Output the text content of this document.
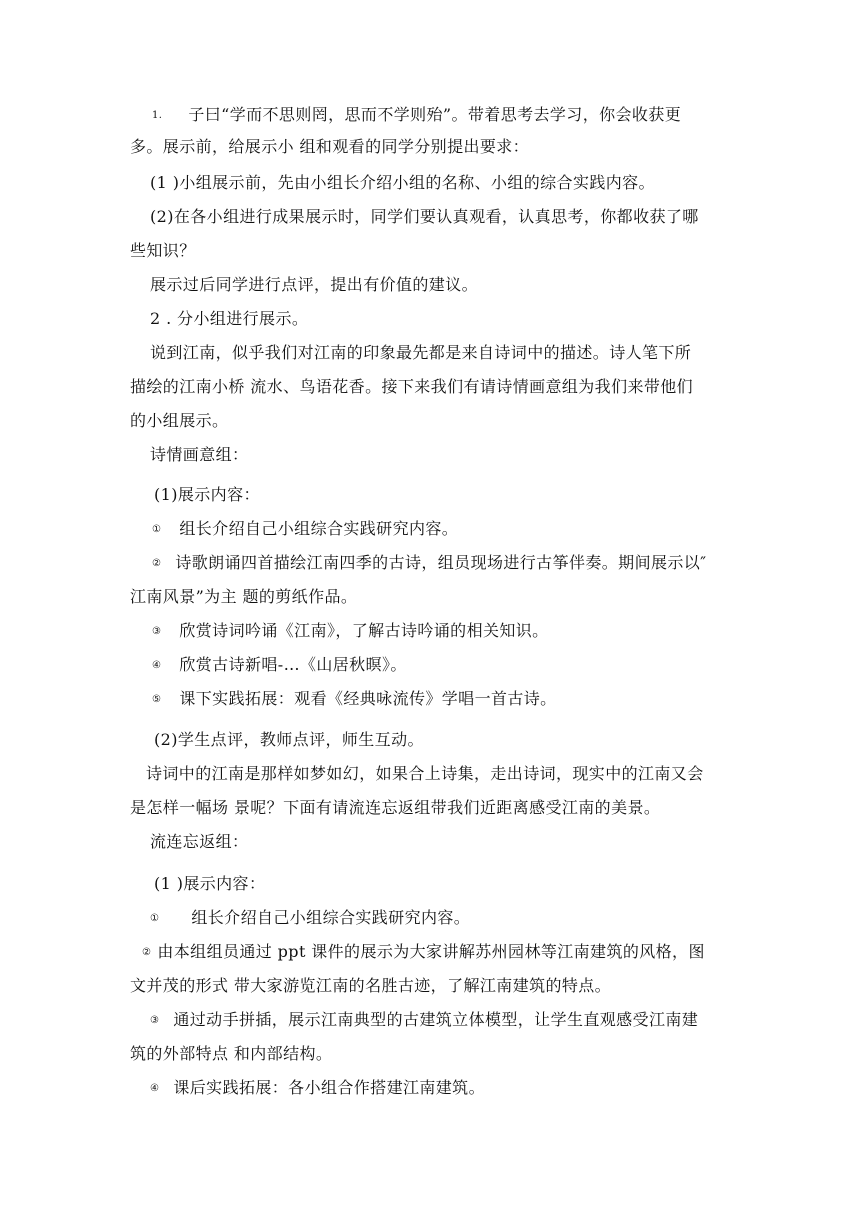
1. 子曰“学而不思则罔，思而不学则殆”。带着思考去学习，你会收获更
多。展示前，给展示小 组和观看的同学分别提出要求：
(1 )小组展示前，先由小组长介绍小组的名称、小组的综合实践内容。
(2)在各小组进行成果展示时，同学们要认真观看，认真思考，你都收获了哪
些知识？
展示过后同学进行点评，提出有价值的建议。
2 . 分小组进行展示。
说到江南，似乎我们对江南的印象最先都是来自诗词中的描述。诗人笔下所
描绘的江南小桥 流水、鸟语花香。接下来我们有请诗情画意组为我们来带他们
的小组展示。
诗情画意组：
(1)展示内容：
① 组长介绍自己小组综合实践研究内容。
② 诗歌朗诵四首描绘江南四季的古诗，组员现场进行古筝伴奏。期间展示以″
江南风景”为主 题的剪纸作品。
③ 欣赏诗词吟诵《江南》，了解古诗吟诵的相关知识。
④ 欣赏古诗新唱-…《山居秋暝》。
⑤ 课下实践拓展：观看《经典咏流传》学唱一首古诗。
(2)学生点评，教师点评，师生互动。
诗词中的江南是那样如梦如幻，如果合上诗集，走出诗词，现实中的江南又会
是怎样一幅场 景呢？下面有请流连忘返组带我们近距离感受江南的美景。
流连忘返组：
(1 )展示内容：
① 组长介绍自己小组综合实践研究内容。
② 由本组组员通过 ppt 课件的展示为大家讲解苏州园林等江南建筑的风格，图
文并茂的形式 带大家游览江南的名胜古迹，了解江南建筑的特点。
③ 通过动手拼插，展示江南典型的古建筑立体模型，让学生直观感受江南建
筑的外部特点 和内部结构。
④ 课后实践拓展：各小组合作搭建江南建筑。
